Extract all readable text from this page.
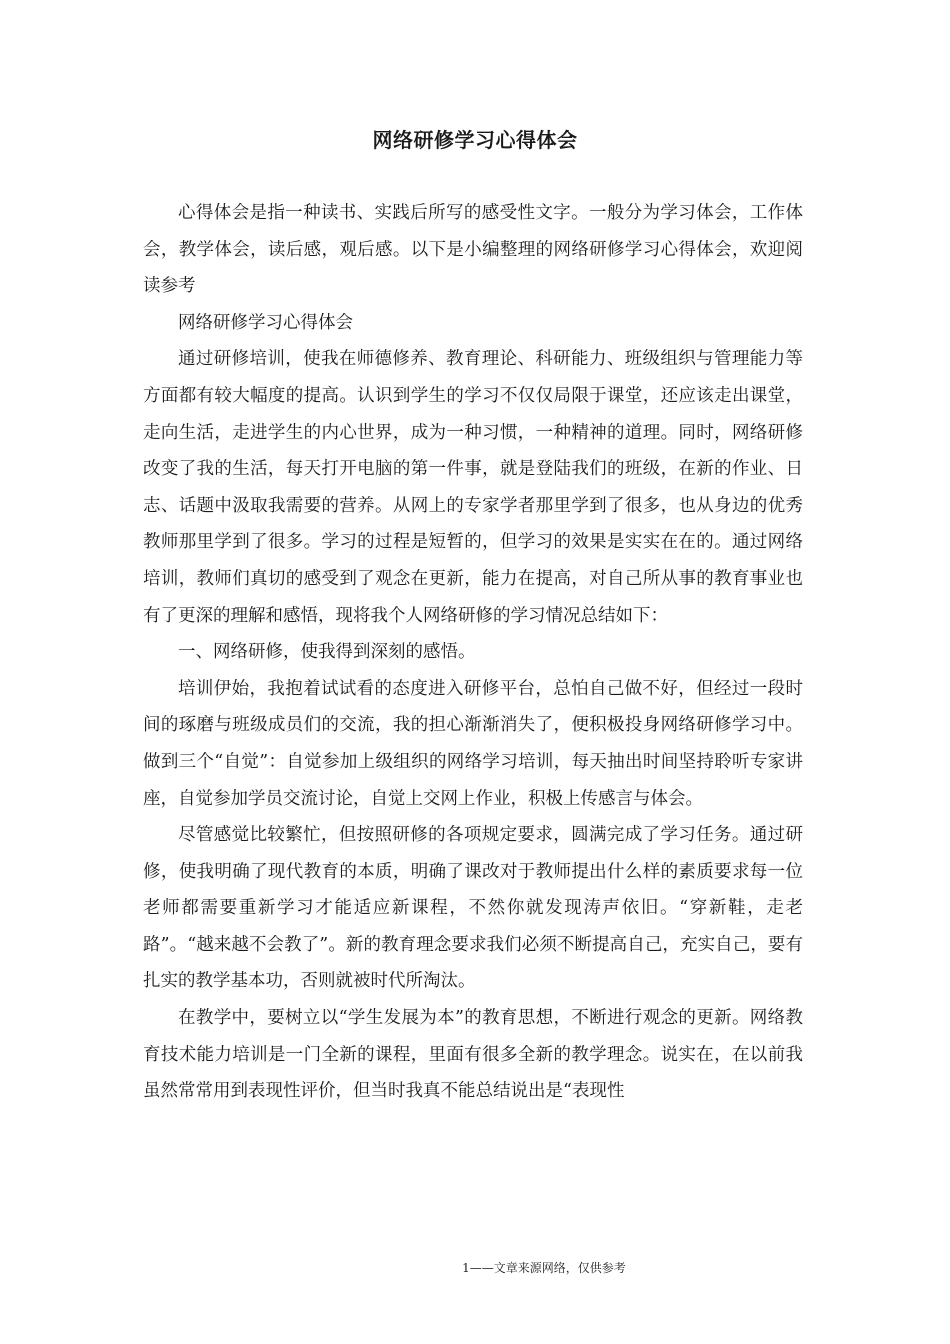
网络研修学习心得体会

心得体会是指一种读书、实践后所写的感受性文字。一般分为学习体会，工作体会，教学体会，读后感，观后感。以下是小编整理的网络研修学习心得体会，欢迎阅读参考

网络研修学习心得体会

通过研修培训，使我在师德修养、教育理论、科研能力、班级组织与管理能力等方面都有较大幅度的提高。认识到学生的学习不仅仅局限于课堂，还应该走出课堂，走向生活，走进学生的内心世界，成为一种习惯，一种精神的道理。同时，网络研修改变了我的生活，每天打开电脑的第一件事，就是登陆我们的班级，在新的作业、日志、话题中汲取我需要的营养。从网上的专家学者那里学到了很多，也从身边的优秀教师那里学到了很多。学习的过程是短暂的，但学习的效果是实实在在的。通过网络培训，教师们真切的感受到了观念在更新，能力在提高，对自己所从事的教育事业也有了更深的理解和感悟，现将我个人网络研修的学习情况总结如下：

一、网络研修，使我得到深刻的感悟。

培训伊始，我抱着试试看的态度进入研修平台，总怕自己做不好，但经过一段时间的琢磨与班级成员们的交流，我的担心渐渐消失了，便积极投身网络研修学习中。做到三个“自觉”：自觉参加上级组织的网络学习培训，每天抽出时间坚持聆听专家讲座，自觉参加学员交流讨论，自觉上交网上作业，积极上传感言与体会。

尽管感觉比较繁忙，但按照研修的各项规定要求，圆满完成了学习任务。通过研修，使我明确了现代教育的本质，明确了课改对于教师提出什么样的素质要求每一位老师都需要重新学习才能适应新课程，不然你就发现涛声依旧。“穿新鞋，走老路”。“越来越不会教了”。新的教育理念要求我们必须不断提高自己，充实自己，要有扎实的教学基本功，否则就被时代所淘汰。

在教学中，要树立以“学生发展为本”的教育思想，不断进行观念的更新。网络教育技术能力培训是一门全新的课程，里面有很多全新的教学理念。说实在，在以前我虽然常常用到表现性评价，但当时我真不能总结说出是“表现性

1——文章来源网络，仅供参考
